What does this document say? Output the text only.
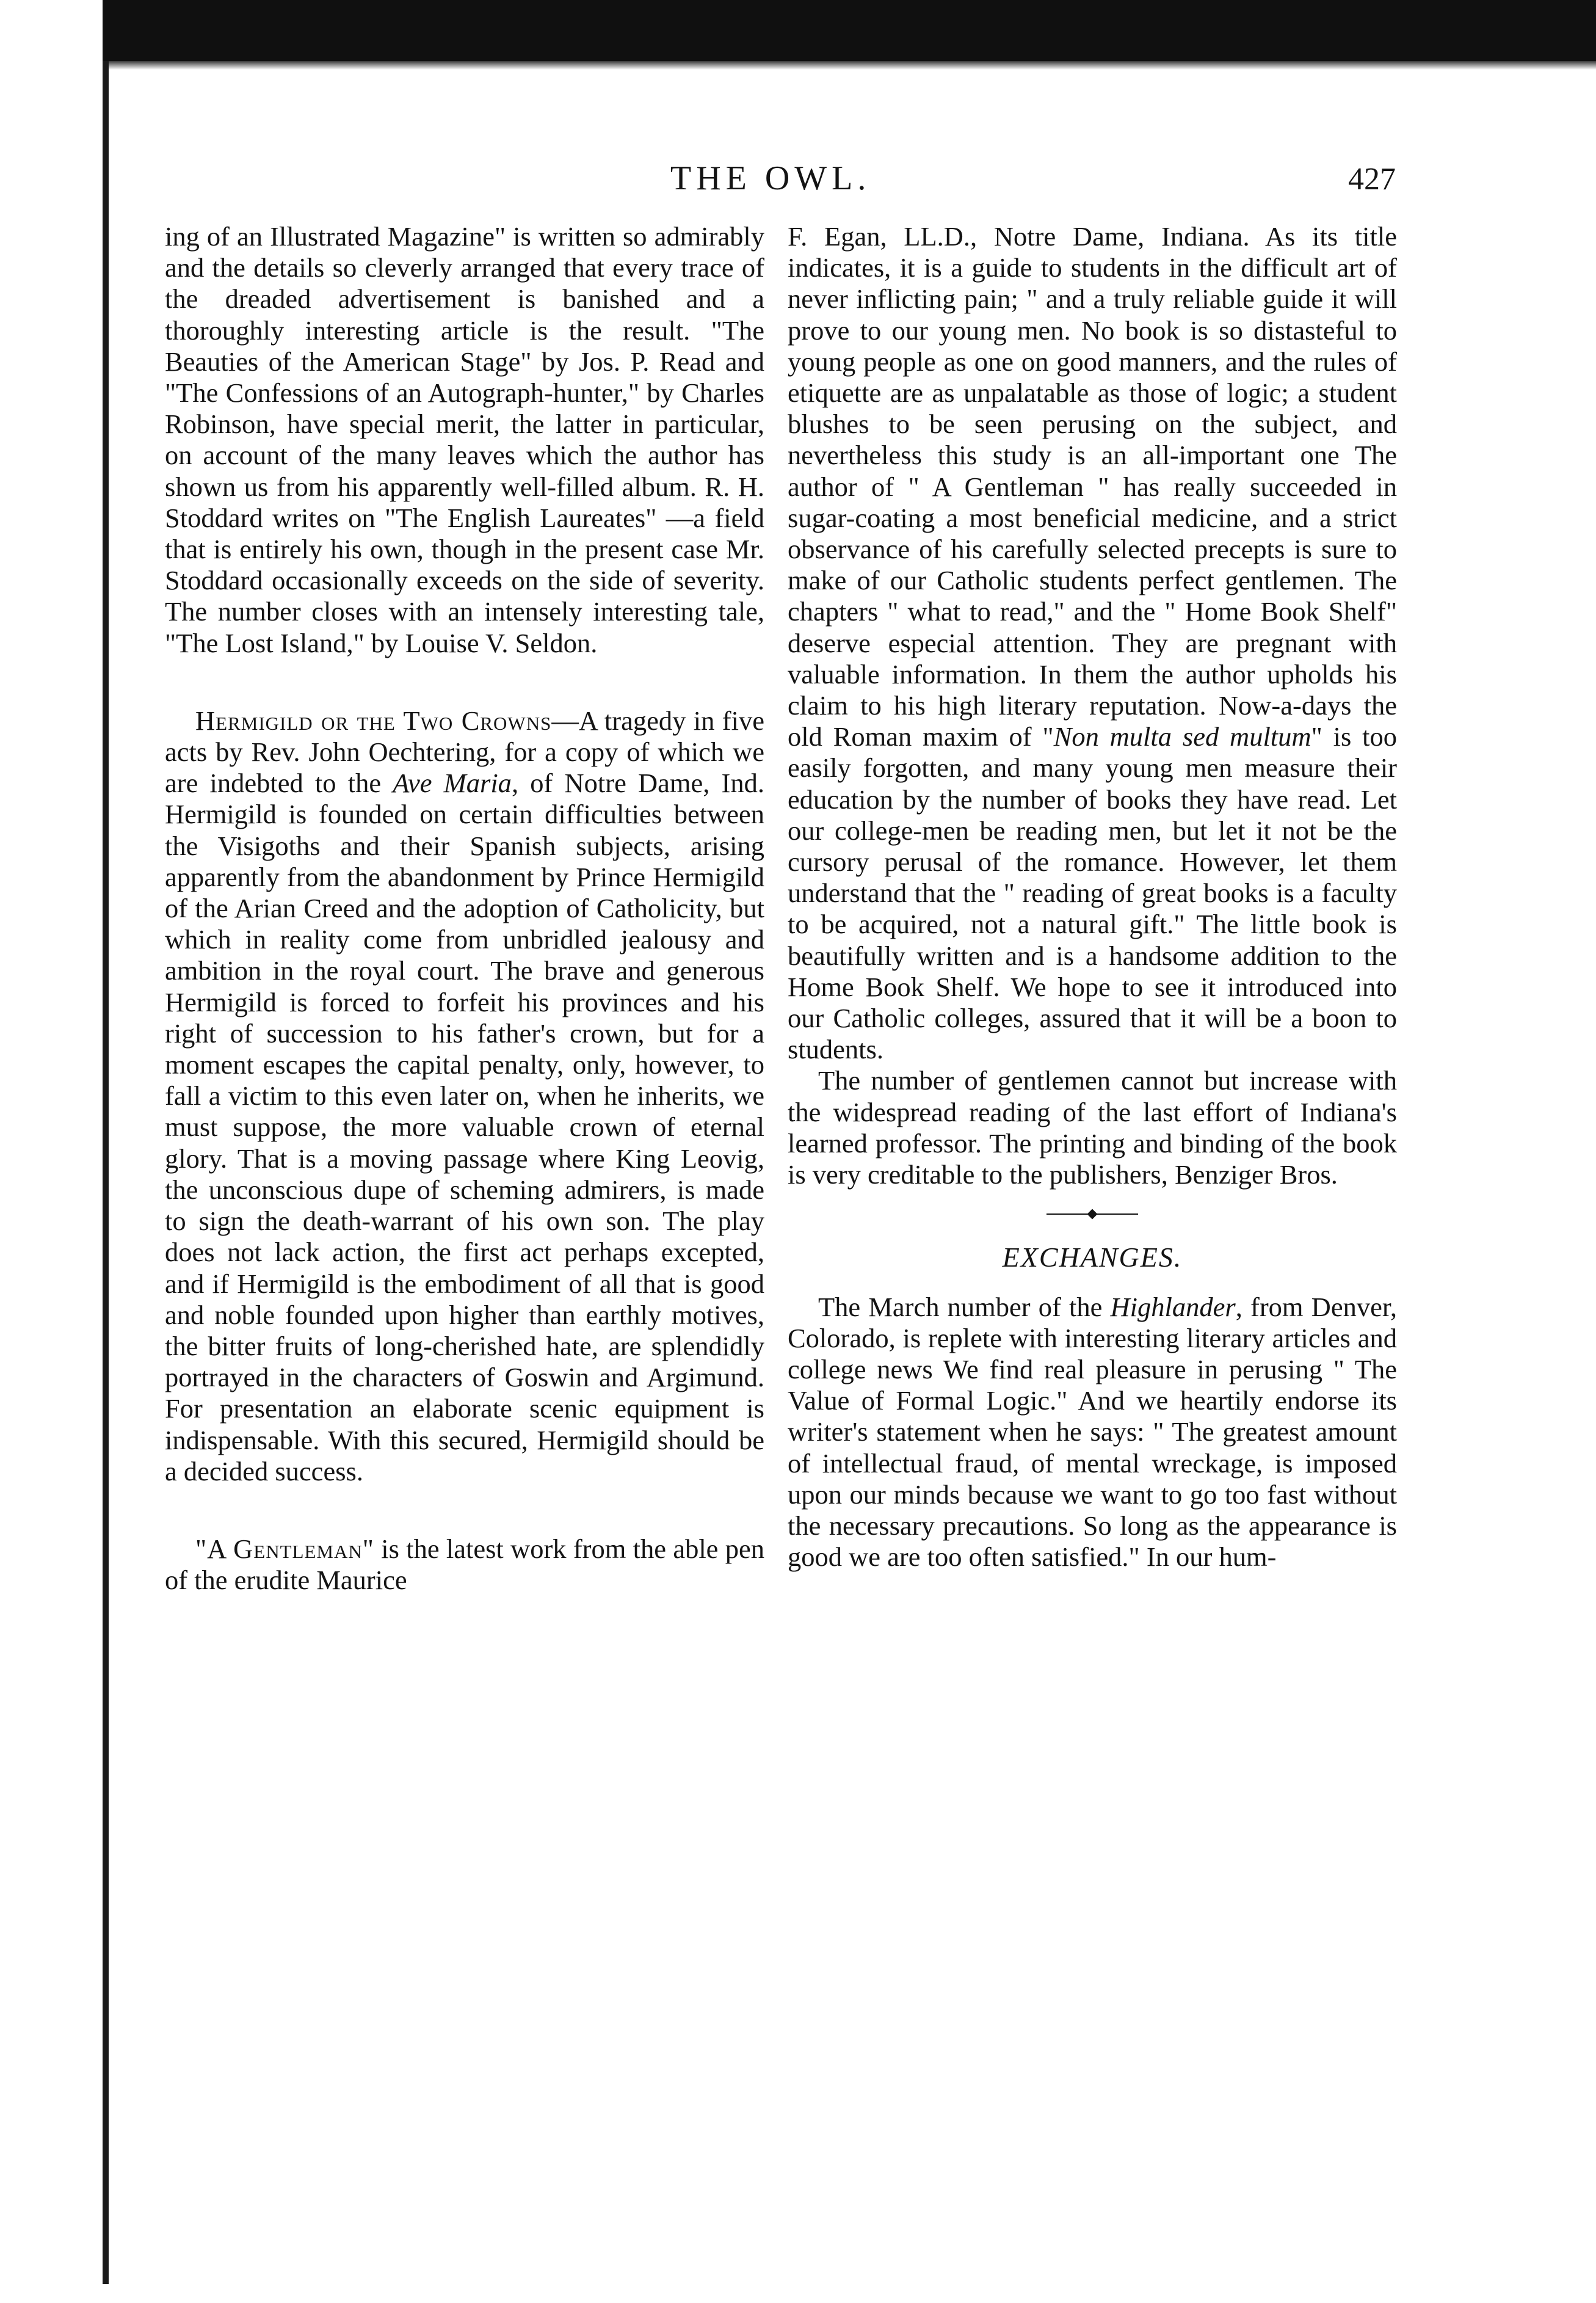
THE OWL.	427

ing of an Illustrated Magazine" is written so admirably and the details so cleverly arranged that every trace of the dreaded advertisement is banished and a thoroughly interesting article is the result. "The Beauties of the American Stage" by Jos. P. Read and "The Confessions of an Autograph-hunter," by Charles Robinson, have special merit, the latter in particular, on account of the many leaves which the author has shown us from his apparently well-filled album. R. H. Stoddard writes on "The English Laureates" —a field that is entirely his own, though in the present case Mr. Stoddard occasionally exceeds on the side of severity. The number closes with an intensely interesting tale, "The Lost Island," by Louise V. Seldon.

Hermigild or the Two Crowns—A tragedy in five acts by Rev. John Oechtering, for a copy of which we are indebted to the Ave Maria, of Notre Dame, Ind. Hermigild is founded on certain difficulties between the Visigoths and their Spanish subjects, arising apparently from the abandonment by Prince Hermigild of the Arian Creed and the adoption of Catholicity, but which in reality come from unbridled jealousy and ambition in the royal court. The brave and generous Hermigild is forced to forfeit his provinces and his right of succession to his father's crown, but for a moment escapes the capital penalty, only, however, to fall a victim to this even later on, when he inherits, we must suppose, the more valuable crown of eternal glory. That is a moving passage where King Leovig, the unconscious dupe of scheming admirers, is made to sign the death-warrant of his own son. The play does not lack action, the first act perhaps excepted, and if Hermigild is the embodiment of all that is good and noble founded upon higher than earthly motives, the bitter fruits of long-cherished hate, are splendidly portrayed in the characters of Goswin and Argimund. For presentation an elaborate scenic equipment is indispensable. With this secured, Hermigild should be a decided success.

"A Gentleman" is the latest work from the able pen of the erudite Maurice

F. Egan, LL.D., Notre Dame, Indiana. As its title indicates, it is a guide to students in the difficult art of never inflicting pain; " and a truly reliable guide it will prove to our young men. No book is so distasteful to young people as one on good manners, and the rules of etiquette are as unpalatable as those of logic; a student blushes to be seen perusing on the subject, and nevertheless this study is an all-important one The author of " A Gentleman " has really succeeded in sugar-coating a most beneficial medicine, and a strict observance of his carefully selected precepts is sure to make of our Catholic students perfect gentlemen. The chapters " what to read," and the " Home Book Shelf" deserve especial attention. They are pregnant with valuable information. In them the author upholds his claim to his high literary reputation. Now-a-days the old Roman maxim of "Non multa sed multum" is too easily forgotten, and many young men measure their education by the number of books they have read. Let our college-men be reading men, but let it not be the cursory perusal of the romance. However, let them understand that the " reading of great books is a faculty to be acquired, not a natural gift." The little book is beautifully written and is a handsome addition to the Home Book Shelf. We hope to see it introduced into our Catholic colleges, assured that it will be a boon to students.

The number of gentlemen cannot but increase with the widespread reading of the last effort of Indiana's learned professor. The printing and binding of the book is very creditable to the publishers, Benziger Bros.

EXCHANGES.

The March number of the Highlander, from Denver, Colorado, is replete with interesting literary articles and college news We find real pleasure in perusing " The Value of Formal Logic." And we heartily endorse its writer's statement when he says: " The greatest amount of intellectual fraud, of mental wreckage, is imposed upon our minds because we want to go too fast without the necessary precautions. So long as the appearance is good we are too often satisfied." In our hum-
